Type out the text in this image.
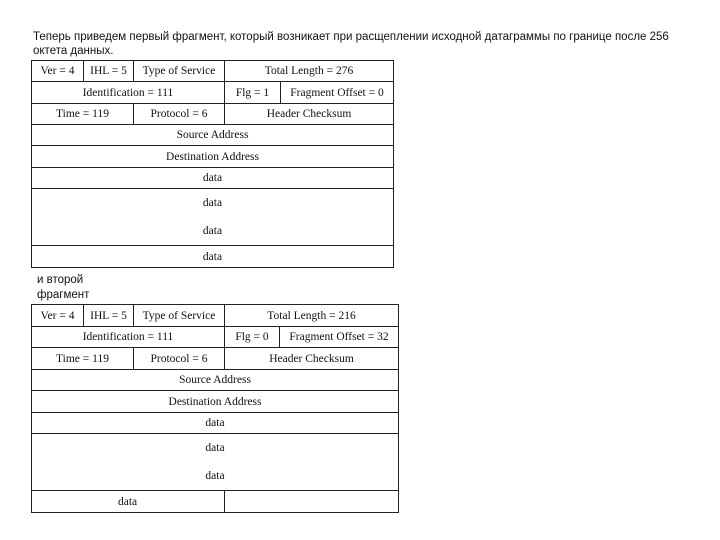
Теперь приведем первый фрагмент, который возникает при расщеплении исходной датаграммы по границе после 256 октета данных.
Ver = 4	IHL = 5	Type of Service	Total Length = 276	
Identification = 111			Flg = 1	Fragment Offset = 0
Time = 119		Protocol = 6	Header Checksum	
Source Address				
Destination Address				
data				

data
data				

data				
и второй фрагмент
Ver = 4	IHL = 5	Type of Service	Total Length = 216	
Identification = 111			Flg = 0	Fragment Offset = 32
Time = 119		Protocol = 6	Header Checksum	
Source Address				
Destination Address				
data				

data
data				

data				
